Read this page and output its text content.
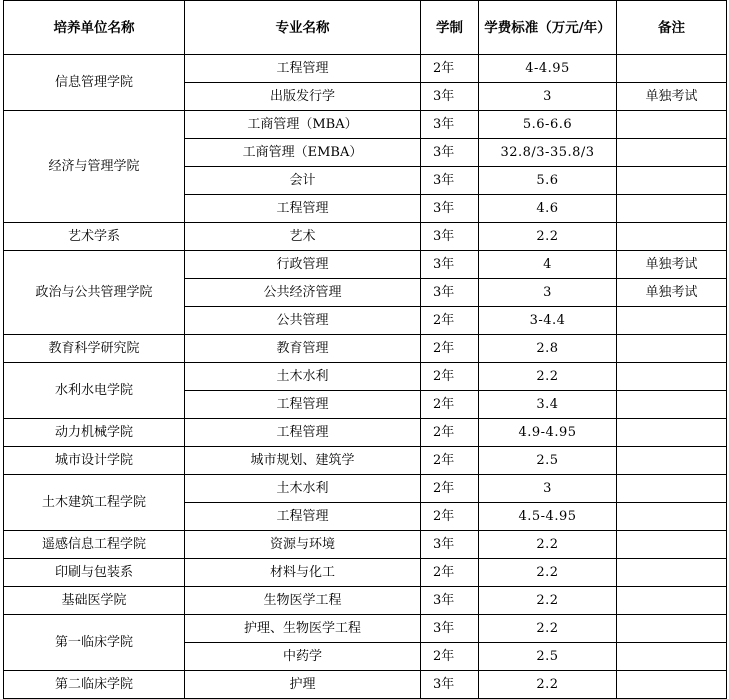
培养单位名称	专业名称	学制	学费标准（万元/年）	备注
信息管理学院	工程管理	2年	4-4.95	
	出版发行学	3年	3	单独考试
经济与管理学院	工商管理（MBA）	3年	5.6-6.6	
	工商管理（EMBA）	3年	32.8/3-35.8/3	
	会计	3年	5.6	
	工程管理	3年	4.6	
艺术学系	艺术	3年	2.2	
政治与公共管理学院	行政管理	3年	4	单独考试
	公共经济管理	3年	3	单独考试
	公共管理	2年	3-4.4	
教育科学研究院	教育管理	2年	2.8	
水利水电学院	土木水利	2年	2.2	
	工程管理	2年	3.4	
动力机械学院	工程管理	2年	4.9-4.95	
城市设计学院	城市规划、建筑学	2年	2.5	
土木建筑工程学院	土木水利	2年	3	
	工程管理	2年	4.5-4.95	
遥感信息工程学院	资源与环境	3年	2.2	
印刷与包装系	材料与化工	2年	2.2	
基础医学院	生物医学工程	3年	2.2	
第一临床学院	护理、生物医学工程	3年	2.2	
	中药学	2年	2.5	
第二临床学院	护理	3年	2.2	
